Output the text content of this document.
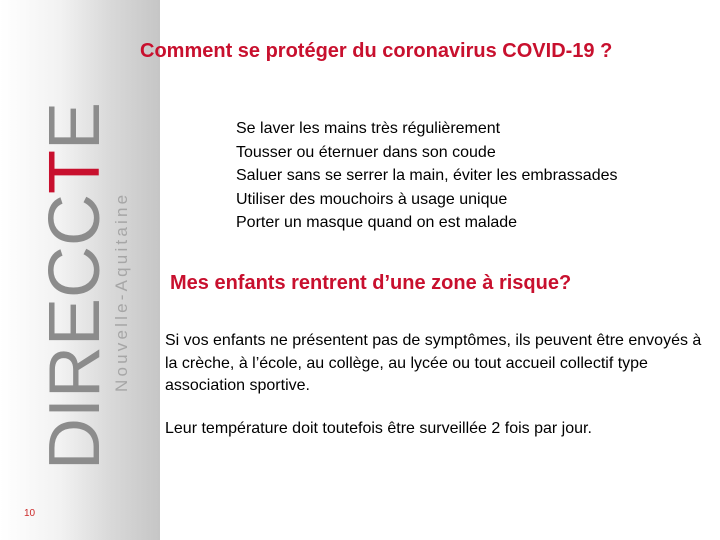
DIRECCTE
Nouvelle-Aquitaine
10
Comment se protéger du coronavirus COVID-19 ?
Se laver les mains très régulièrement
Tousser ou éternuer dans son coude
Saluer sans se serrer la main, éviter les embrassades
Utiliser des mouchoirs à usage unique
Porter un masque quand on est malade
Mes enfants rentrent d’une zone à risque?

Si vos enfants ne présentent pas de symptômes, ils peuvent être envoyés à la crèche, à l’école, au collège, au lycée ou tout accueil collectif type association sportive.

Leur température doit toutefois être surveillée 2 fois par jour.
